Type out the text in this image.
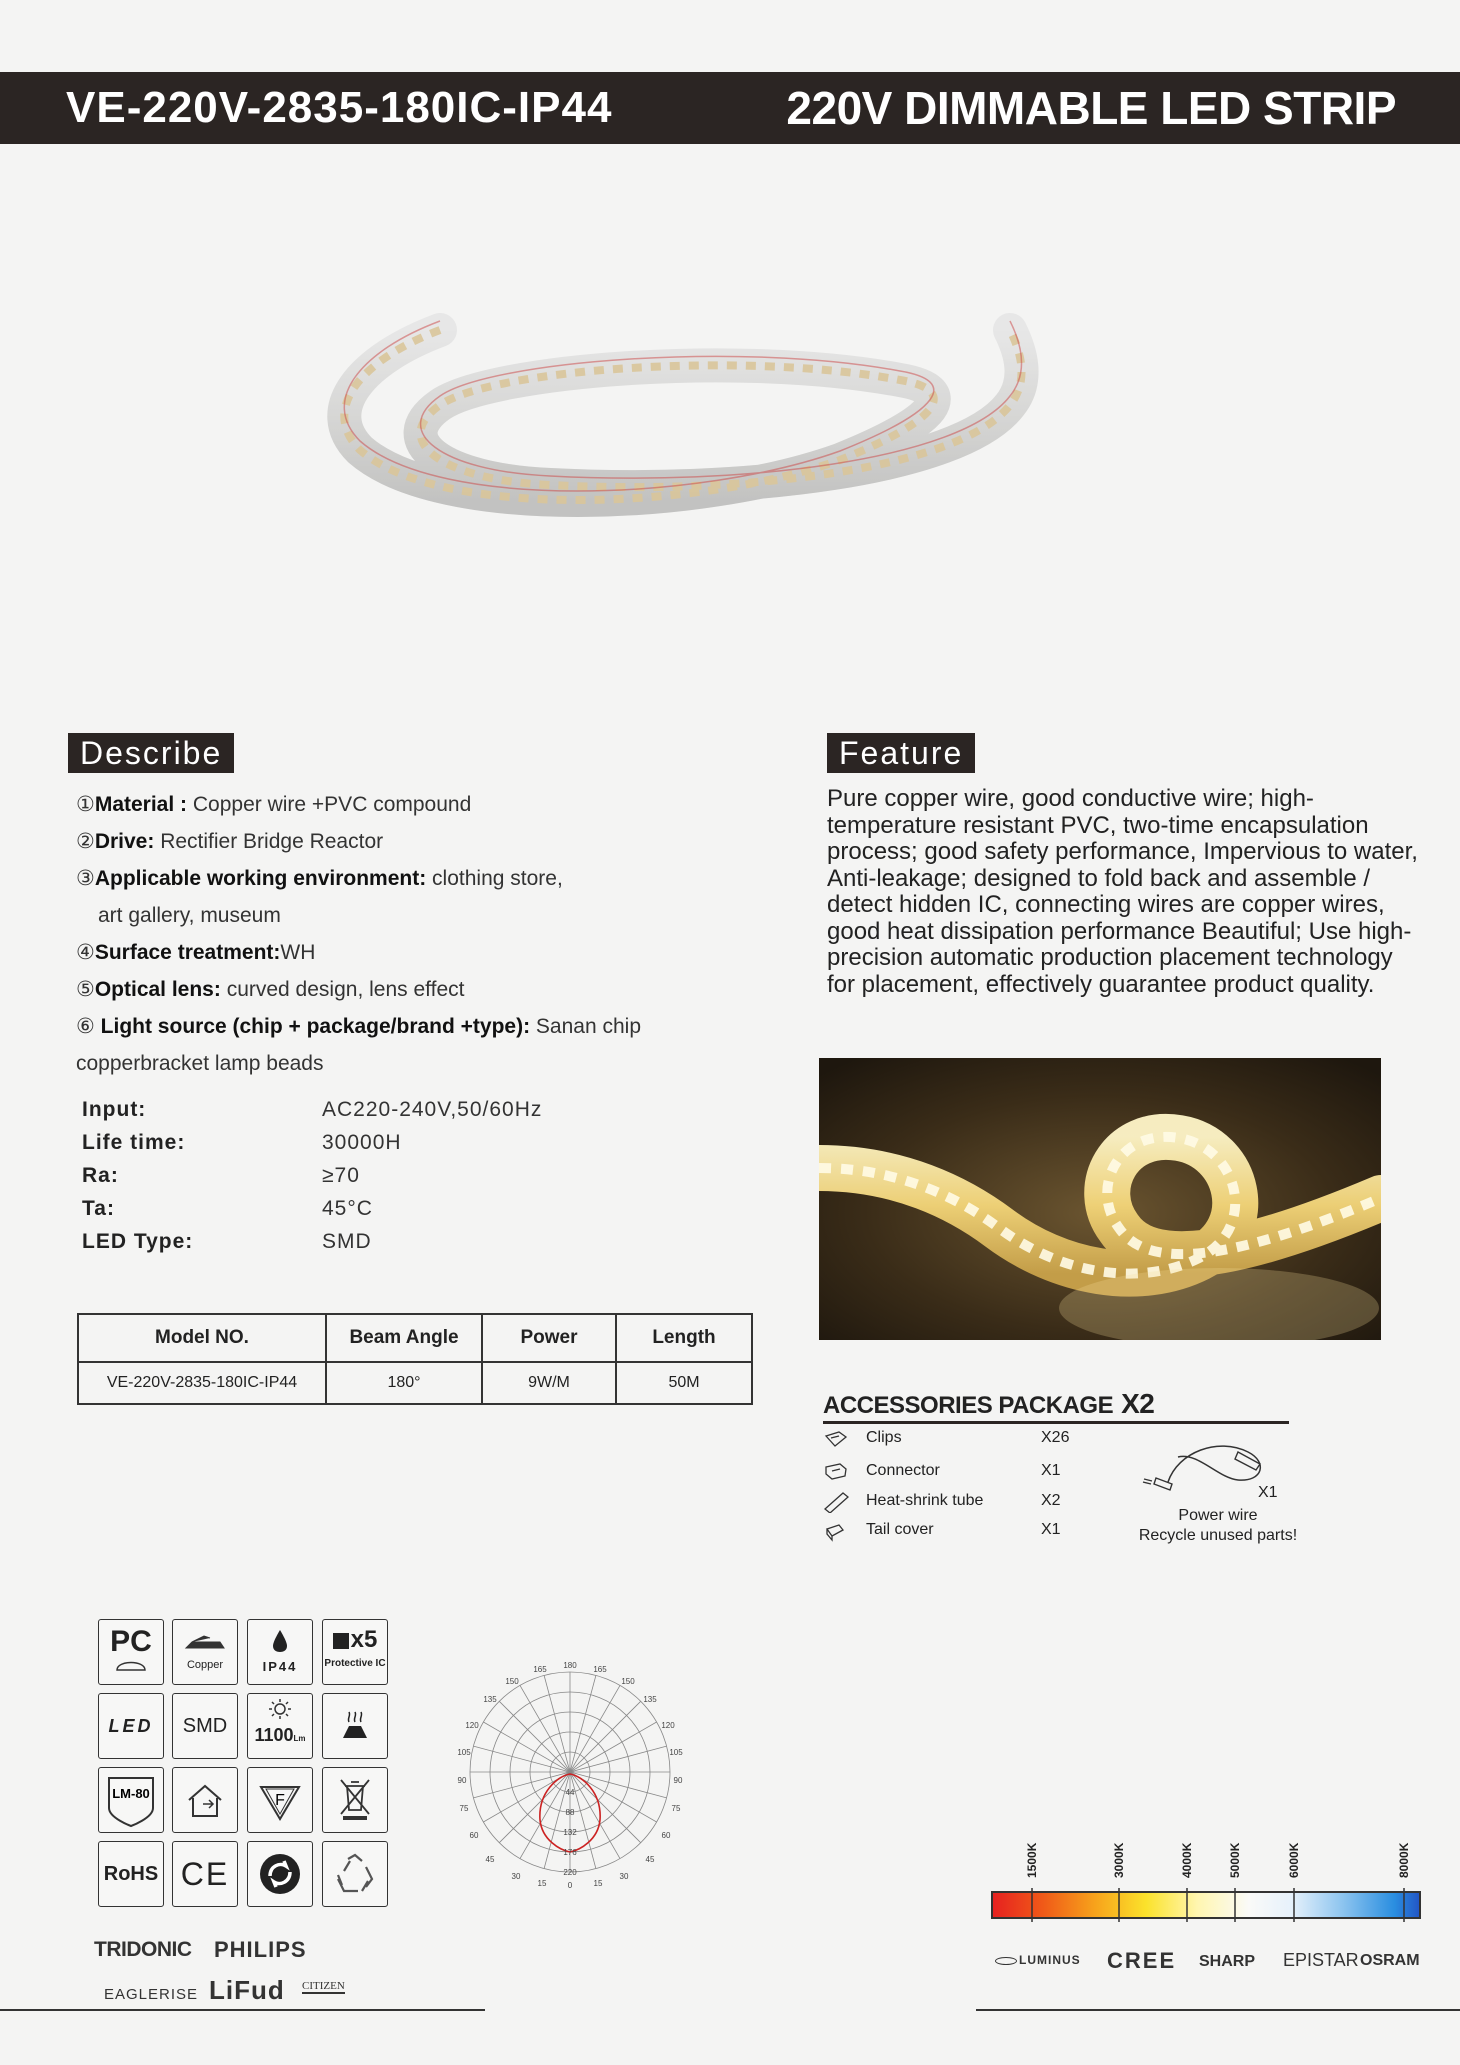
VE-220V-2835-180IC-IP44	220V DIMMABLE LED STRIP
Describe
①Material : Copper wire +PVC compound
②Drive: Rectifier Bridge Reactor
③Applicable working environment: clothing store,
art gallery, museum
④Surface treatment:WH
⑤Optical lens: curved design, lens effect
⑥ Light source (chip + package/brand +type): Sanan chip
copperbracket lamp beads
Input:	AC220-240V,50/60Hz
Life time:	30000H
Ra:	≥70
Ta:	45°C
LED Type:	SMD
Model NO.	Beam Angle	Power	Length
VE-220V-2835-180IC-IP44	180°	9W/M	50M
Feature
Pure copper wire, good conductive wire; high-temperature resistant PVC, two-time encapsulation process; good safety performance, Impervious to water, Anti-leakage; designed to fold back and assemble / detect hidden IC, connecting wires are copper wires, good heat dissipation performance Beautiful; Use high-precision automatic production placement technology for placement, effectively guarantee product quality.
ACCESSORIES PACKAGE X2
Clips	X26
Connector	X1
Heat-shrink tube	X2
Tail cover	X1
X1
Power wire
Recycle unused parts!
PC
Copper	IP44
x5
Protective IC
LED	SMD	1100Lm
LM-80	F
RoHS CE
180
165	165
150	150
135	135
120	120
105	105
90	90
75	75
60	60
45	45
30	30
15	15
0
44
88
132
176
220	1500K	3000K	4000K	5000K	6000K	8000K
TRIDONIC PHILIPS
EAGLERISE LiFud CITIZEN
LUMINUS CREE SHARP EPISTAR OSRAM
